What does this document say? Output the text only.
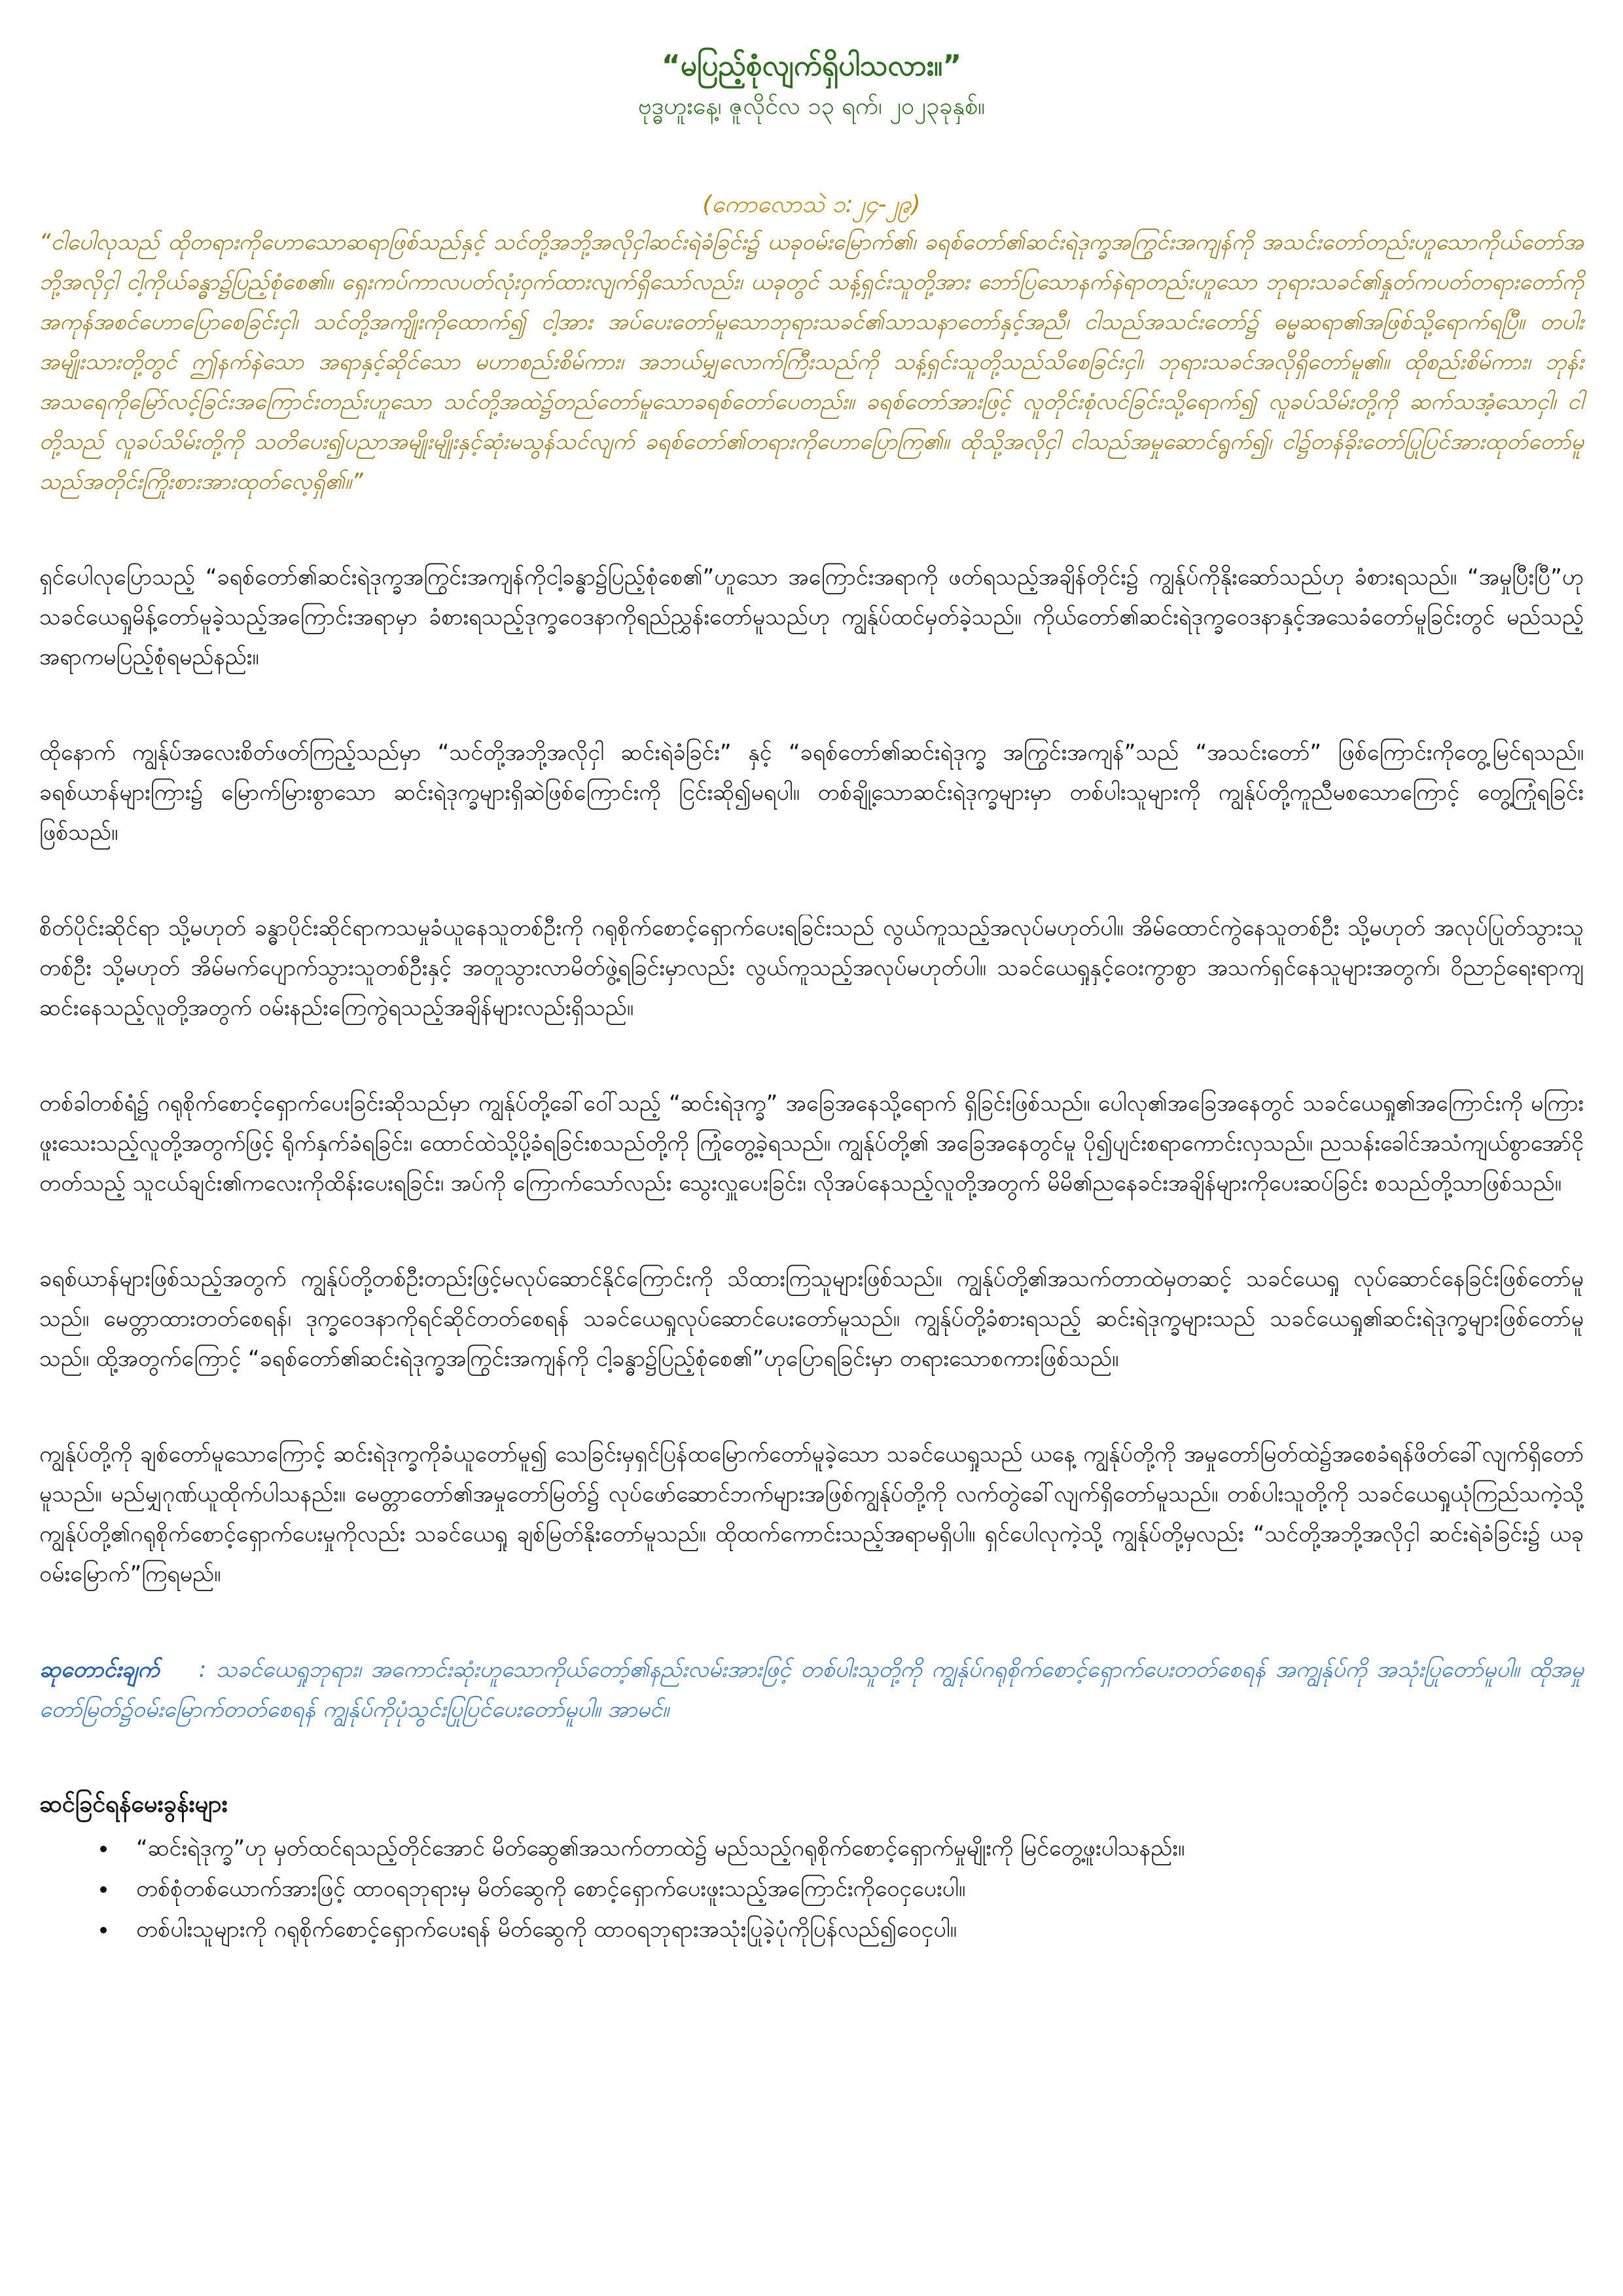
“မပြည့်စုံလျက်ရှိပါသလား။”

ဗုဒ္ဓဟူးနေ့၊ ဇူလိုင်လ ၁၃ ရက်၊ ၂၀၂၃ခုနှစ်။

(ကောလောသဲ ၁:၂၄-၂၉)

“ငါပေါလုသည် ထိုတရားကိုဟောသောဆရာဖြစ်သည်နှင့် သင်တို့အဘို့အလိုငှါဆင်းရဲခံခြင်း၌ ယခုဝမ်းမြောက်၏၊ ခရစ်တော်၏ဆင်းရဲဒုက္ခအကြွင်းအကျန်ကို အသင်းတော်တည်းဟူသောကိုယ်တော်အဘို့အလိုငှါ ငါ့ကိုယ်ခန္ဓာ၌ပြည့်စုံစေ၏။ ရှေးကပ်ကာလပတ်လုံးဝှက်ထားလျက်ရှိသော်လည်း၊ ယခုတွင် သန့်ရှင်းသူတို့အား ဘော်ပြသောနက်နဲရာတည်းဟူသော ဘုရားသခင်၏နှုတ်ကပတ်တရားတော်ကို အကုန်အစင်ဟောပြောစေခြင်းငှါ၊ သင်တို့အကျိုးကိုထောက်၍ ငါ့အား အပ်ပေးတော်မူသောဘုရားသခင်၏သာသနာတော်နှင့်အညီ၊ ငါသည်အသင်းတော်၌ ဓမ္မဆရာ၏အဖြစ်သို့ရောက်ရပြီ။ တပါးအမျိုးသားတို့တွင် ဤနက်နဲသော အရာနှင့်ဆိုင်သော မဟာစည်းစိမ်ကား၊ အဘယ်မျှလောက်ကြီးသည်ကို သန့်ရှင်းသူတို့သည်သိစေခြင်းငှါ၊ ဘုရားသခင်အလိုရှိတော်မူ၏။ ထိုစည်းစိမ်ကား၊ ဘုန်းအသရေကိုမြော်လင့်ခြင်းအကြောင်းတည်းဟူသော သင်တို့အထဲ၌တည်တော်မူသောခရစ်တော်ပေတည်း။ ခရစ်တော်အားဖြင့် လူတိုင်းစုံလင်ခြင်းသို့ရောက်၍ လူခပ်သိမ်းတို့ကို ဆက်သအံ့သောငှါ၊ ငါတို့သည် လူခပ်သိမ်းတို့ကို သတိပေး၍ပညာအမျိုးမျိုးနှင့်ဆုံးမသွန်သင်လျက် ခရစ်တော်၏တရားကိုဟောပြောကြ၏။ ထိုသို့အလိုငှါ ငါသည်အမှုဆောင်ရွက်၍၊ ငါ၌တန်ခိုးတော်ပြုပြင်အားထုတ်တော်မူသည်အတိုင်းကြိုးစားအားထုတ်လေ့ရှိ၏။”

ရှင်ပေါလုပြောသည့် “ခရစ်တော်၏ဆင်းရဲဒုက္ခအကြွင်းအကျန်ကိုငါ့ခန္ဓာ၌ပြည့်စုံစေ၏”ဟူသော အကြောင်းအရာကို ဖတ်ရသည့်အချိန်တိုင်း၌ ကျွန်ုပ်ကိုနိုးဆော်သည်ဟု ခံစားရသည်။ “အမှုပြီးပြီ”ဟု သခင်ယေရှုမိန့်တော်မူခဲ့သည့်အကြောင်းအရာမှာ ခံစားရသည့်ဒုက္ခဝေဒနာကိုရည်ညွှန်းတော်မူသည်ဟု ကျွန်ုပ်ထင်မှတ်ခဲ့သည်။ ကိုယ်တော်၏ဆင်းရဲဒုက္ခဝေဒနာနှင့်အသေခံတော်မူခြင်းတွင် မည်သည့်အရာကမပြည့်စုံရမည်နည်း။

ထိုနောက် ကျွန်ုပ်အလေးစိတ်ဖတ်ကြည့်သည်မှာ “သင်တို့အဘို့အလိုငှါ ဆင်းရဲခံခြင်း” နှင့် “ခရစ်တော်၏ဆင်းရဲဒုက္ခ အကြွင်းအကျန်”သည် “အသင်းတော်” ဖြစ်ကြောင်းကိုတွေ့မြင်ရသည်။ ခရစ်ယာန်များကြား၌ မြောက်မြားစွာသော ဆင်းရဲဒုက္ခများရှိဆဲဖြစ်ကြောင်းကို ငြင်းဆို၍မရပါ။ တစ်ချို့သောဆင်းရဲဒုက္ခများမှာ တစ်ပါးသူများကို ကျွန်ုပ်တို့ကူညီမစသောကြောင့် တွေ့ကြုံရခြင်းဖြစ်သည်။

စိတ်ပိုင်းဆိုင်ရာ သို့မဟုတ် ခန္ဓာပိုင်းဆိုင်ရာကသမှုခံယူနေသူတစ်ဦးကို ဂရုစိုက်စောင့်ရှောက်ပေးရခြင်းသည် လွယ်ကူသည့်အလုပ်မဟုတ်ပါ။ အိမ်ထောင်ကွဲနေသူတစ်ဦး သို့မဟုတ် အလုပ်ပြုတ်သွားသူတစ်ဦး သို့မဟုတ် အိမ်မက်ပျောက်သွားသူတစ်ဦးနှင့် အတူသွားလာမိတ်ဖွဲ့ရခြင်းမှာလည်း လွယ်ကူသည့်အလုပ်မဟုတ်ပါ။ သခင်ယေရှုနှင့်ဝေးကွာစွာ အသက်ရှင်နေသူများအတွက်၊ ဝိညာဉ်ရေးရာကျဆင်းနေသည့်လူတို့အတွက် ဝမ်းနည်းကြေကွဲရသည့်အချိန်များလည်းရှိသည်။

တစ်ခါတစ်ရံ၌ ဂရုစိုက်စောင့်ရှောက်ပေးခြင်းဆိုသည်မှာ ကျွန်ုပ်တို့ခေါ်ဝေါ်သည့် “ဆင်းရဲဒုက္ခ” အခြေအနေသို့ရောက် ရှိခြင်းဖြစ်သည်။ ပေါလု၏အခြေအနေတွင် သခင်ယေရှု၏အကြောင်းကို မကြားဖူးသေးသည့်လူတို့အတွက်ဖြင့် ရိုက်နှက်ခံရခြင်း၊ ထောင်ထဲသို့ပို့ခံရခြင်းစသည်တို့ကို ကြုံတွေ့ခဲ့ရသည်။ ကျွန်ုပ်တို့၏ အခြေအနေတွင်မူ ပို၍ပျင်းစရာကောင်းလှသည်။ ညသန်းခေါင်အသံကျယ်စွာအော်ငိုတတ်သည့် သူငယ်ချင်း၏ကလေးကိုထိန်းပေးရခြင်း၊ အပ်ကို ကြောက်သော်လည်း သွေးလှူပေးခြင်း၊ လိုအပ်နေသည့်လူတို့အတွက် မိမိ၏ညနေခင်းအချိန်များကိုပေးဆပ်ခြင်း စသည်တို့သာဖြစ်သည်။

ခရစ်ယာန်များဖြစ်သည့်အတွက် ကျွန်ုပ်တို့တစ်ဦးတည်းဖြင့်မလုပ်ဆောင်နိုင်ကြောင်းကို သိထားကြသူများဖြစ်သည်။ ကျွန်ုပ်တို့၏အသက်တာထဲမှတဆင့် သခင်ယေရှု လုပ်ဆောင်နေခြင်းဖြစ်တော်မူသည်။ မေတ္တာထားတတ်စေရန်၊ ဒုက္ခဝေဒနာကိုရင်ဆိုင်တတ်စေရန် သခင်ယေရှုလုပ်ဆောင်ပေးတော်မူသည်။ ကျွန်ုပ်တို့ခံစားရသည့် ဆင်းရဲဒုက္ခများသည် သခင်ယေရှု၏ဆင်းရဲဒုက္ခများဖြစ်တော်မူသည်။ ထို့အတွက်ကြောင့် “ခရစ်တော်၏ဆင်းရဲဒုက္ခအကြွင်းအကျန်ကို ငါ့ခန္ဓာ၌ပြည့်စုံစေ၏”ဟုပြောရခြင်းမှာ တရားသောစကားဖြစ်သည်။

ကျွန်ုပ်တို့ကို ချစ်တော်မူသောကြောင့် ဆင်းရဲဒုက္ခကိုခံယူတော်မူ၍ သေခြင်းမှရှင်ပြန်ထမြောက်တော်မူခဲ့သော သခင်ယေရှုသည် ယနေ့ ကျွန်ုပ်တို့ကို အမှုတော်မြတ်ထဲ၌အစေခံရန်ဖိတ်ခေါ်လျက်ရှိတော်မူသည်။ မည်မျှဂုဏ်ယူထိုက်ပါသနည်း။ မေတ္တာတော်၏အမှုတော်မြတ်၌ လုပ်ဖော်ဆောင်ဘက်များအဖြစ်ကျွန်ုပ်တို့ကို လက်တွဲခေါ်လျက်ရှိတော်မူသည်။ တစ်ပါးသူတို့ကို သခင်ယေရှုယုံကြည်သကဲ့သို့ ကျွန်ုပ်တို့၏ဂရုစိုက်စောင့်ရှောက်ပေးမှုကိုလည်း သခင်ယေရှု ချစ်မြတ်နိုးတော်မူသည်။ ထိုထက်ကောင်းသည့်အရာမရှိပါ။ ရှင်ပေါလုကဲ့သို့ ကျွန်ုပ်တို့မှလည်း “သင်တို့အဘို့အလိုငှါ ဆင်းရဲခံခြင်း၌ ယခုဝမ်းမြောက်”ကြရမည်။

ဆုတောင်းချက် : သခင်ယေရှုဘုရား၊ အကောင်းဆုံးဟူသောကိုယ်တော့်၏နည်းလမ်းအားဖြင့် တစ်ပါးသူတို့ကို ကျွန်ုပ်ဂရုစိုက်စောင့်ရှောက်ပေးတတ်စေရန် အကျွန်ုပ်ကို အသုံးပြုတော်မူပါ။ ထိုအမှုတော်မြတ်၌ဝမ်းမြောက်တတ်စေရန် ကျွန်ုပ်ကိုပုံသွင်းပြုပြင်ပေးတော်မူပါ။ အာမင်။

ဆင်ခြင်ရန်မေးခွန်းများ

• “ဆင်းရဲဒုက္ခ”ဟု မှတ်ထင်ရသည့်တိုင်အောင် မိတ်ဆွေ၏အသက်တာထဲ၌ မည်သည့်ဂရုစိုက်စောင့်ရှောက်မှုမျိုးကို မြင်တွေ့ဖူးပါသနည်း။
• တစ်စုံတစ်ယောက်အားဖြင့် ထာဝရဘုရားမှ မိတ်ဆွေကို စောင့်ရှောက်ပေးဖူးသည့်အကြောင်းကိုဝေငှပေးပါ။
• တစ်ပါးသူများကို ဂရုစိုက်စောင့်ရှောက်ပေးရန် မိတ်ဆွေကို ထာဝရဘုရားအသုံးပြုခဲ့ပုံကိုပြန်လည်၍ဝေငှပါ။
